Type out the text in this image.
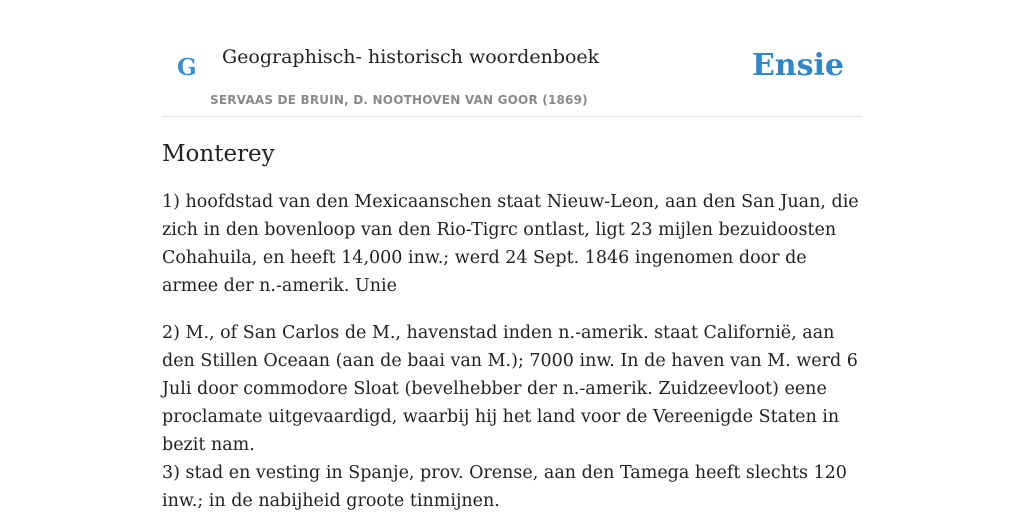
G Geographisch- historisch woordenboek
SERVAAS DE BRUIN, D. NOOTHOVEN VAN GOOR (1869)
Ensie
Monterey

1) hoofdstad van den Mexicaanschen staat Nieuw-Leon, aan den San Juan, die zich in den bovenloop van den Rio-Tigrc ontlast, ligt 23 mijlen bezuidoosten Cohahuila, en heeft 14,000 inw.; werd 24 Sept. 1846 ingenomen door de armee der n.-amerik. Unie

2) M., of San Carlos de M., havenstad inden n.-amerik. staat Californië, aan den Stillen Oceaan (aan de baai van M.); 7000 inw. In de haven van M. werd 6 Juli door commodore Sloat (bevelhebber der n.-amerik. Zuidzeevloot) eene proclamate uitgevaardigd, waarbij hij het land voor de Vereenigde Staten in bezit nam.

3) stad en vesting in Spanje, prov. Orense, aan den Tamega heeft slechts 120 inw.; in de nabijheid groote tinmijnen.
